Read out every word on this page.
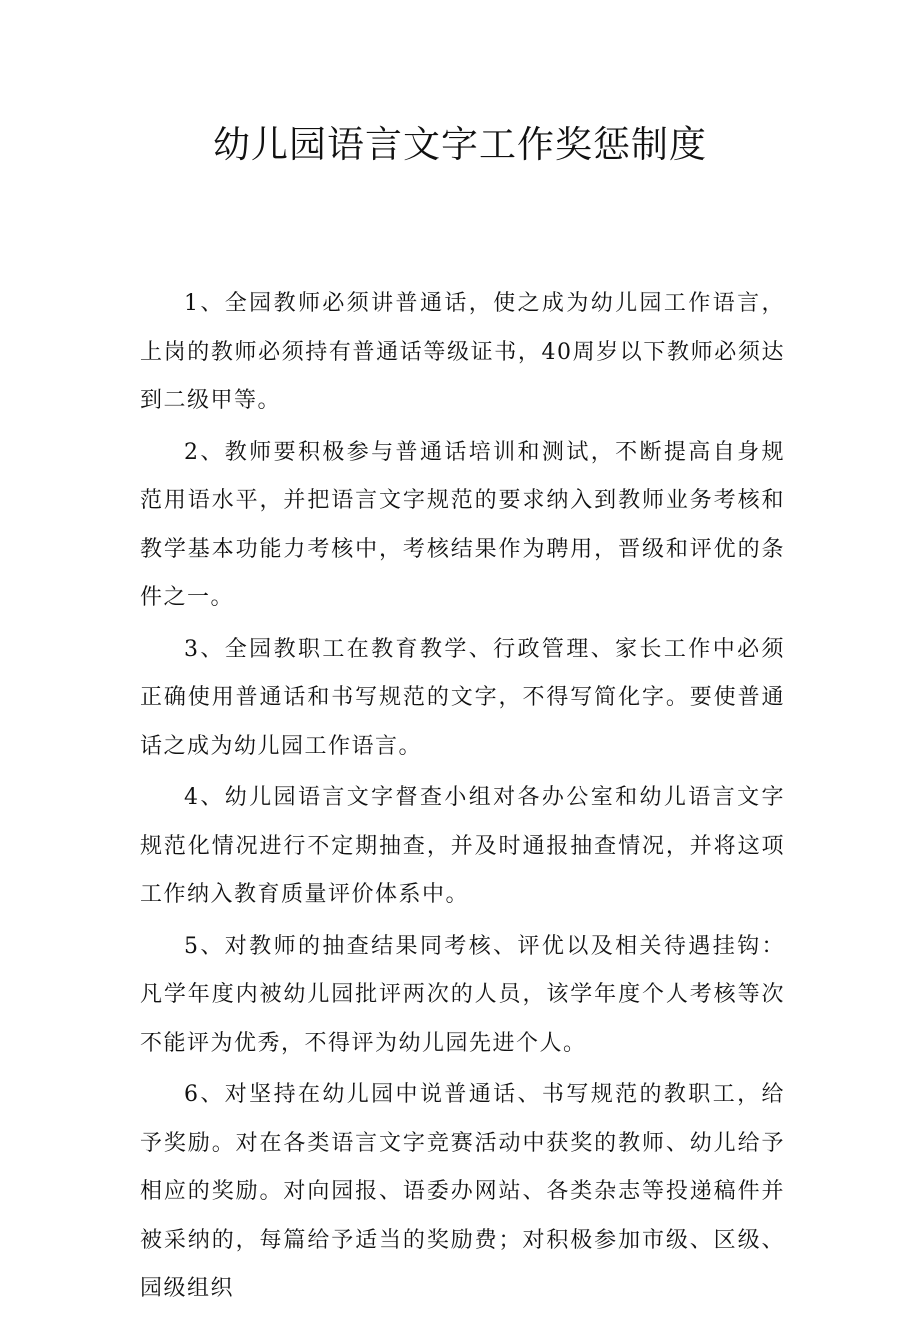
幼儿园语言文字工作奖惩制度

1、全园教师必须讲普通话，使之成为幼儿园工作语言，上岗的教师必须持有普通话等级证书，40周岁以下教师必须达到二级甲等。

2、教师要积极参与普通话培训和测试，不断提高自身规范用语水平，并把语言文字规范的要求纳入到教师业务考核和教学基本功能力考核中，考核结果作为聘用，晋级和评优的条件之一。

3、全园教职工在教育教学、行政管理、家长工作中必须正确使用普通话和书写规范的文字，不得写简化字。要使普通话之成为幼儿园工作语言。

4、幼儿园语言文字督查小组对各办公室和幼儿语言文字规范化情况进行不定期抽查，并及时通报抽查情况，并将这项工作纳入教育质量评价体系中。

5、对教师的抽查结果同考核、评优以及相关待遇挂钩：凡学年度内被幼儿园批评两次的人员，该学年度个人考核等次不能评为优秀，不得评为幼儿园先进个人。

6、对坚持在幼儿园中说普通话、书写规范的教职工，给予奖励。对在各类语言文字竞赛活动中获奖的教师、幼儿给予相应的奖励。对向园报、语委办网站、各类杂志等投递稿件并被采纳的，每篇给予适当的奖励费；对积极参加市级、区级、园级组织
